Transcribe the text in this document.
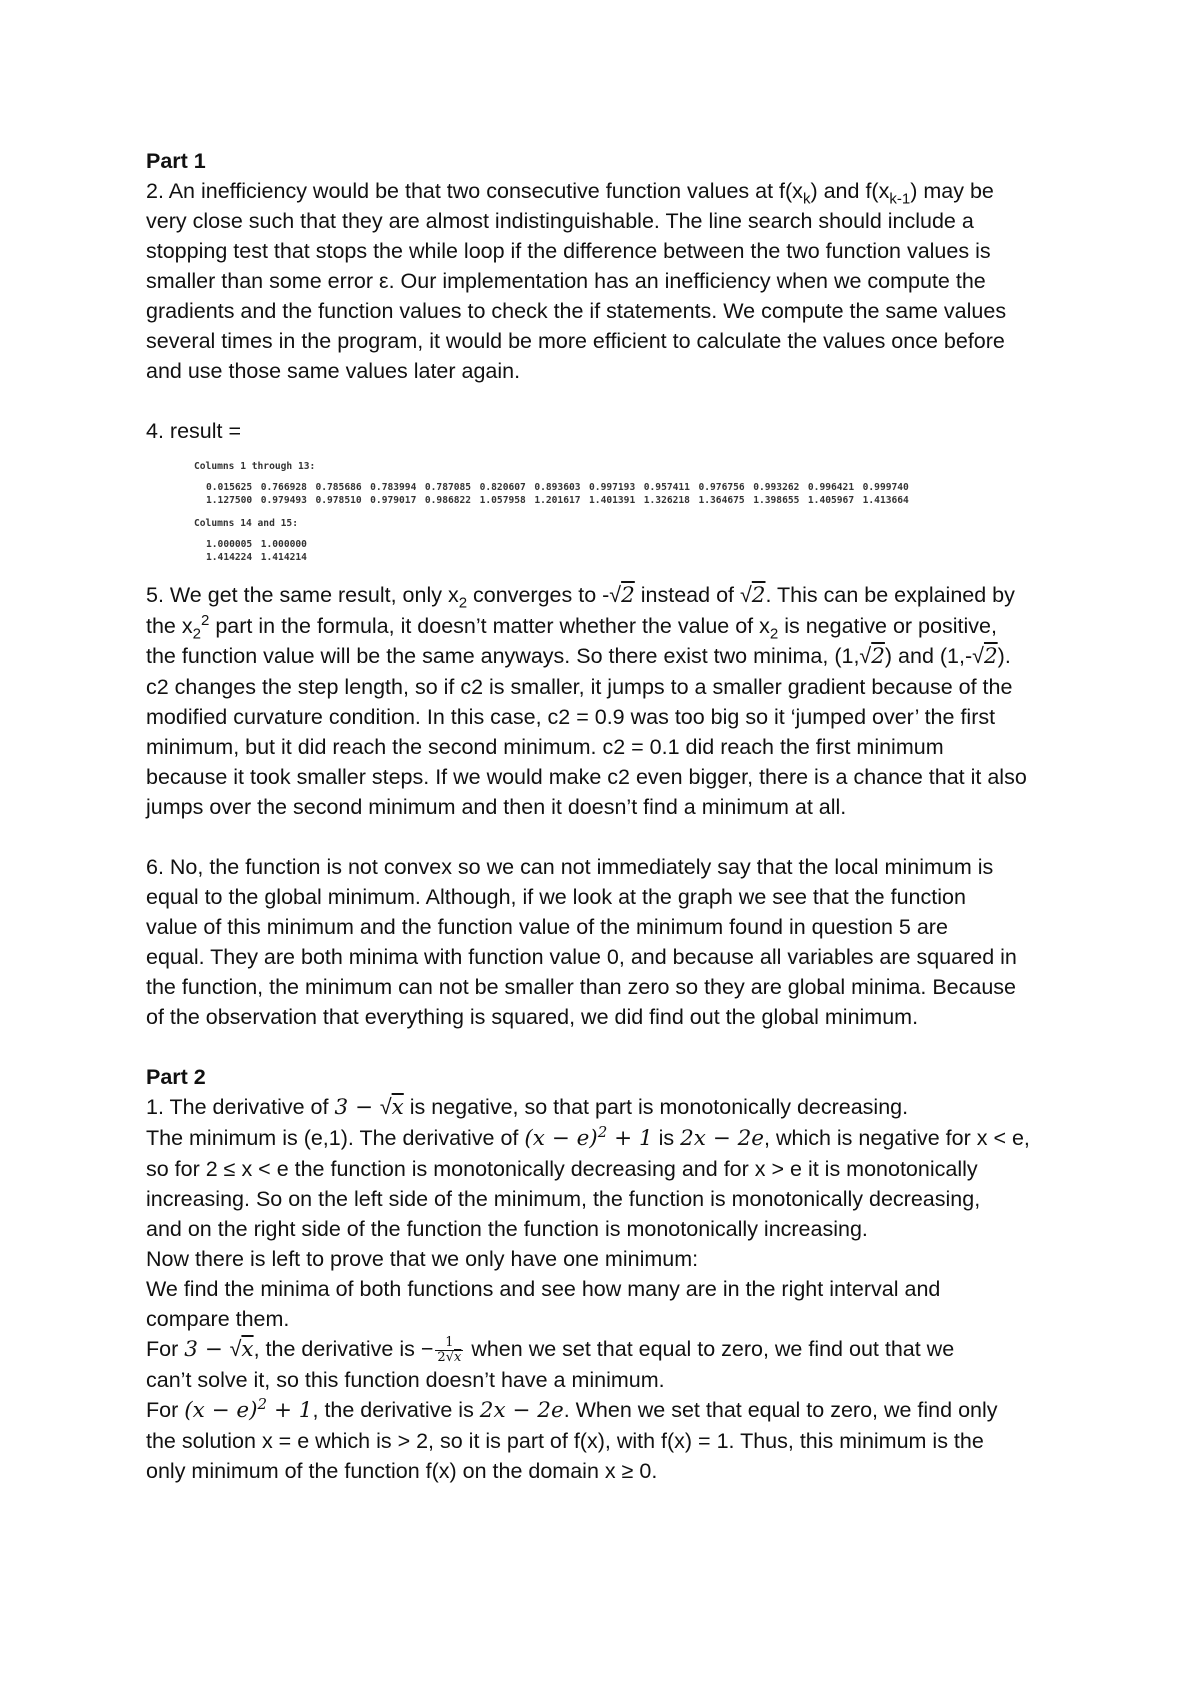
Part 1
2. An inefficiency would be that two consecutive function values at $f(x_k)$ and $f(x_{k-1})$ may be
very close such that they are almost indistinguishable. The line search should include a
stopping test that stops the while loop if the difference between the two function values is
smaller than some error ε. Our implementation has an inefficiency when we compute the
gradients and the function values to check the if statements. We compute the same values
several times in the program, it would be more efficient to calculate the values once before
and use those same values later again.
4. result =
Columns 1 through 13:
0.015625	0.766928	0.785686	0.783994	0.787085	0.820607	0.893603	0.997193	0.957411	0.976756	0.993262	0.996421	0.999740
1.127500	0.979493	0.978510	0.979017	0.986822	1.057958	1.201617	1.401391	1.326218	1.364675	1.398655	1.405967	1.413664
Columns 14 and 15:
1.000005	1.000000
1.414224	1.414214
5. We get the same result, only $x_2$ converges to -√2 instead of √2. This can be explained by
the $x_2^2$ part in the formula, it doesn’t matter whether the value of $x_2$ is negative or positive,
the function value will be the same anyways. So there exist two minima, (1,√2) and (1,-√2).
c2 changes the step length, so if c2 is smaller, it jumps to a smaller gradient because of the
modified curvature condition. In this case, c2 = 0.9 was too big so it ‘jumped over’ the first
minimum, but it did reach the second minimum. c2 = 0.1 did reach the first minimum
because it took smaller steps. If we would make c2 even bigger, there is a chance that it also
jumps over the second minimum and then it doesn’t find a minimum at all.
6. No, the function is not convex so we can not immediately say that the local minimum is
equal to the global minimum. Although, if we look at the graph we see that the function
value of this minimum and the function value of the minimum found in question 5 are
equal. They are both minima with function value 0, and because all variables are squared in
the function, the minimum can not be smaller than zero so they are global minima. Because
of the observation that everything is squared, we did find out the global minimum.
Part 2
1. The derivative of 3 − √x is negative, so that part is monotonically decreasing.
The minimum is (e,1). The derivative of $(x - e)^2 + 1$ is 2x − 2e, which is negative for x < e,
so for 2 ≤ x < e the function is monotonically decreasing and for x > e it is monotonically
increasing. So on the left side of the minimum, the function is monotonically decreasing,
and on the right side of the function the function is monotonically increasing.
Now there is left to prove that we only have one minimum:
We find the minima of both functions and see how many are in the right interval and
compare them.
For 3 − √x, the derivative is − $\frac{1}{2√x}$ when we set that equal to zero, we find out that we
can’t solve it, so this function doesn’t have a minimum.
For $(x - e)^2 + 1$, the derivative is 2x − 2e. When we set that equal to zero, we find only
the solution x = e which is > 2, so it is part of f(x), with f(x) = 1. Thus, this minimum is the
only minimum of the function f(x) on the domain x ≥ 0.
